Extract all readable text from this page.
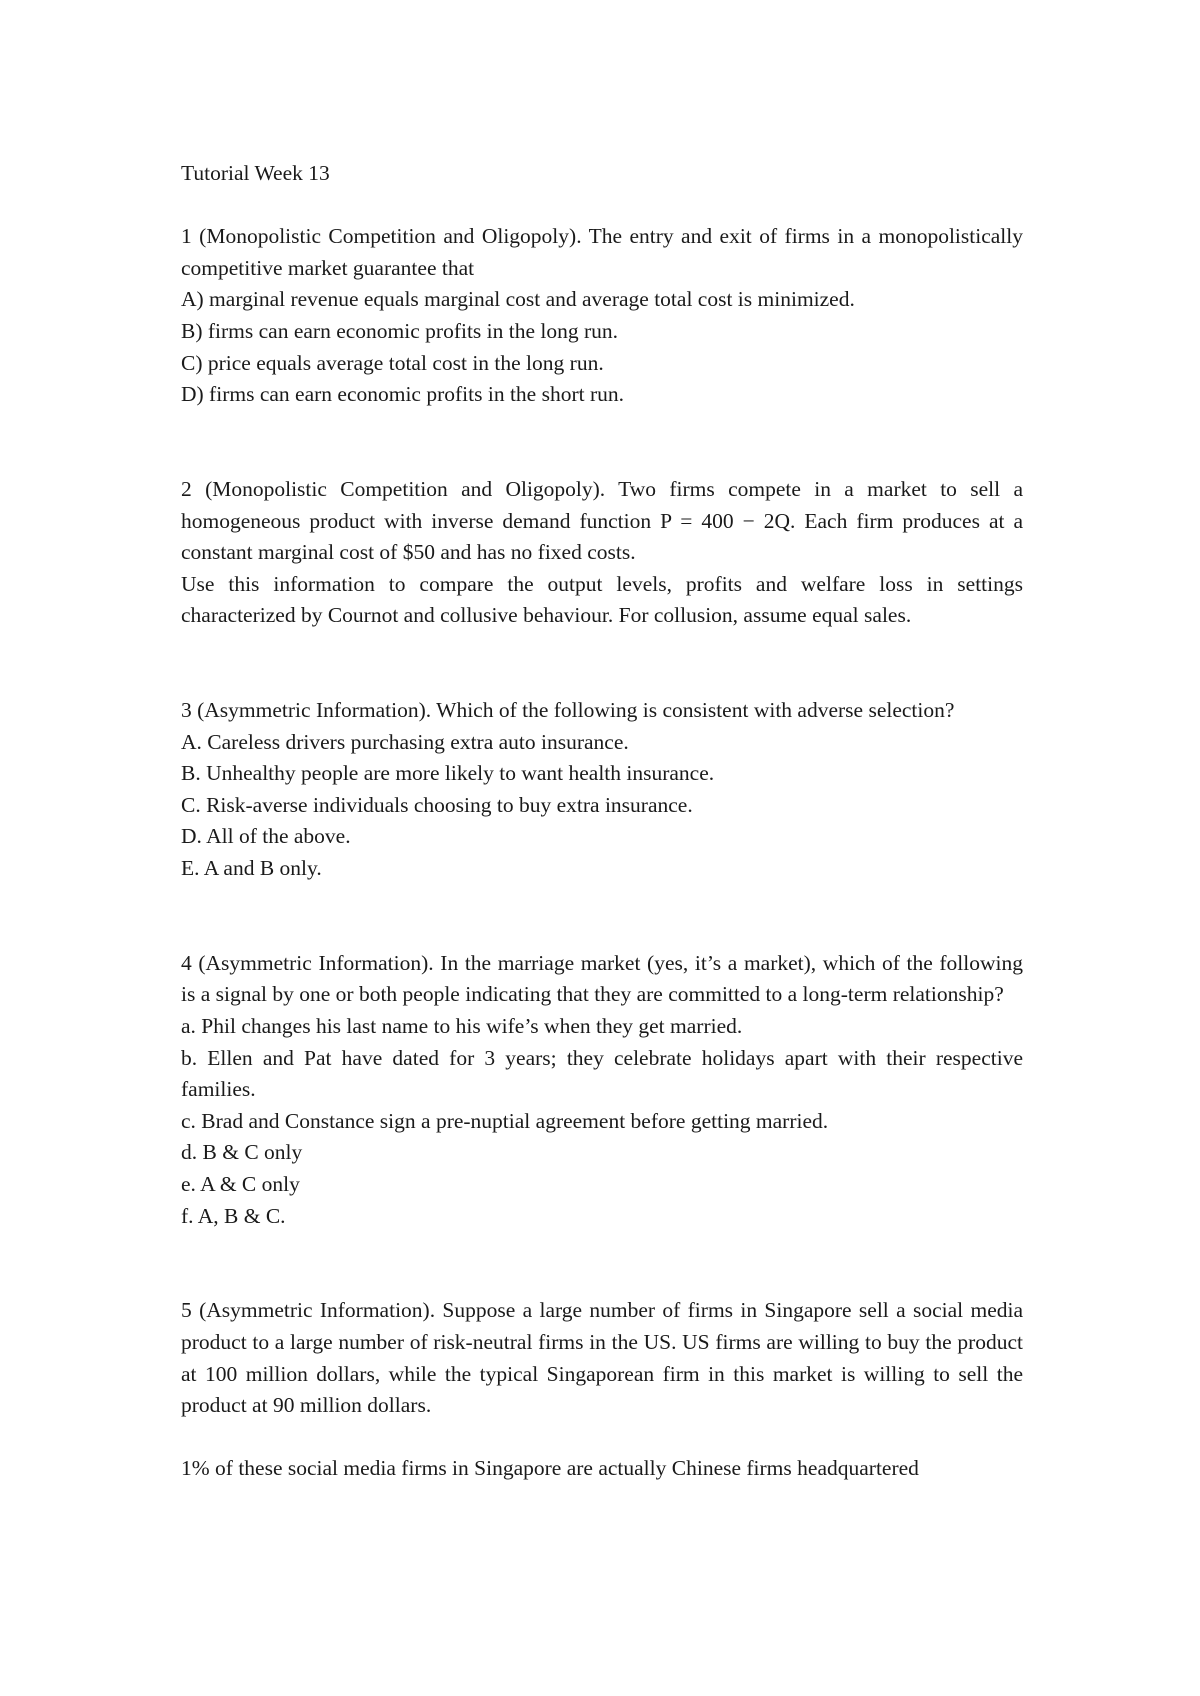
Tutorial Week 13

1 (Monopolistic Competition and Oligopoly). The entry and exit of firms in a monopolistically competitive market guarantee that

A) marginal revenue equals marginal cost and average total cost is minimized.

B) firms can earn economic profits in the long run.

C) price equals average total cost in the long run.

D) firms can earn economic profits in the short run.

2 (Monopolistic Competition and Oligopoly). Two firms compete in a market to sell a homogeneous product with inverse demand function P = 400 − 2Q. Each firm produces at a constant marginal cost of $50 and has no fixed costs.

Use this information to compare the output levels, profits and welfare loss in settings characterized by Cournot and collusive behaviour. For collusion, assume equal sales.

3 (Asymmetric Information). Which of the following is consistent with adverse selection?

A. Careless drivers purchasing extra auto insurance.

B. Unhealthy people are more likely to want health insurance.

C. Risk-averse individuals choosing to buy extra insurance.

D. All of the above.

E. A and B only.

4 (Asymmetric Information). In the marriage market (yes, it’s a market), which of the following is a signal by one or both people indicating that they are committed to a long-term relationship?

a. Phil changes his last name to his wife’s when they get married.

b. Ellen and Pat have dated for 3 years; they celebrate holidays apart with their respective families.

c. Brad and Constance sign a pre-nuptial agreement before getting married.

d. B & C only

e. A & C only

f. A, B & C.

5 (Asymmetric Information). Suppose a large number of firms in Singapore sell a social media product to a large number of risk-neutral firms in the US. US firms are willing to buy the product at 100 million dollars, while the typical Singaporean firm in this market is willing to sell the product at 90 million dollars.

1% of these social media firms in Singapore are actually Chinese firms headquartered
